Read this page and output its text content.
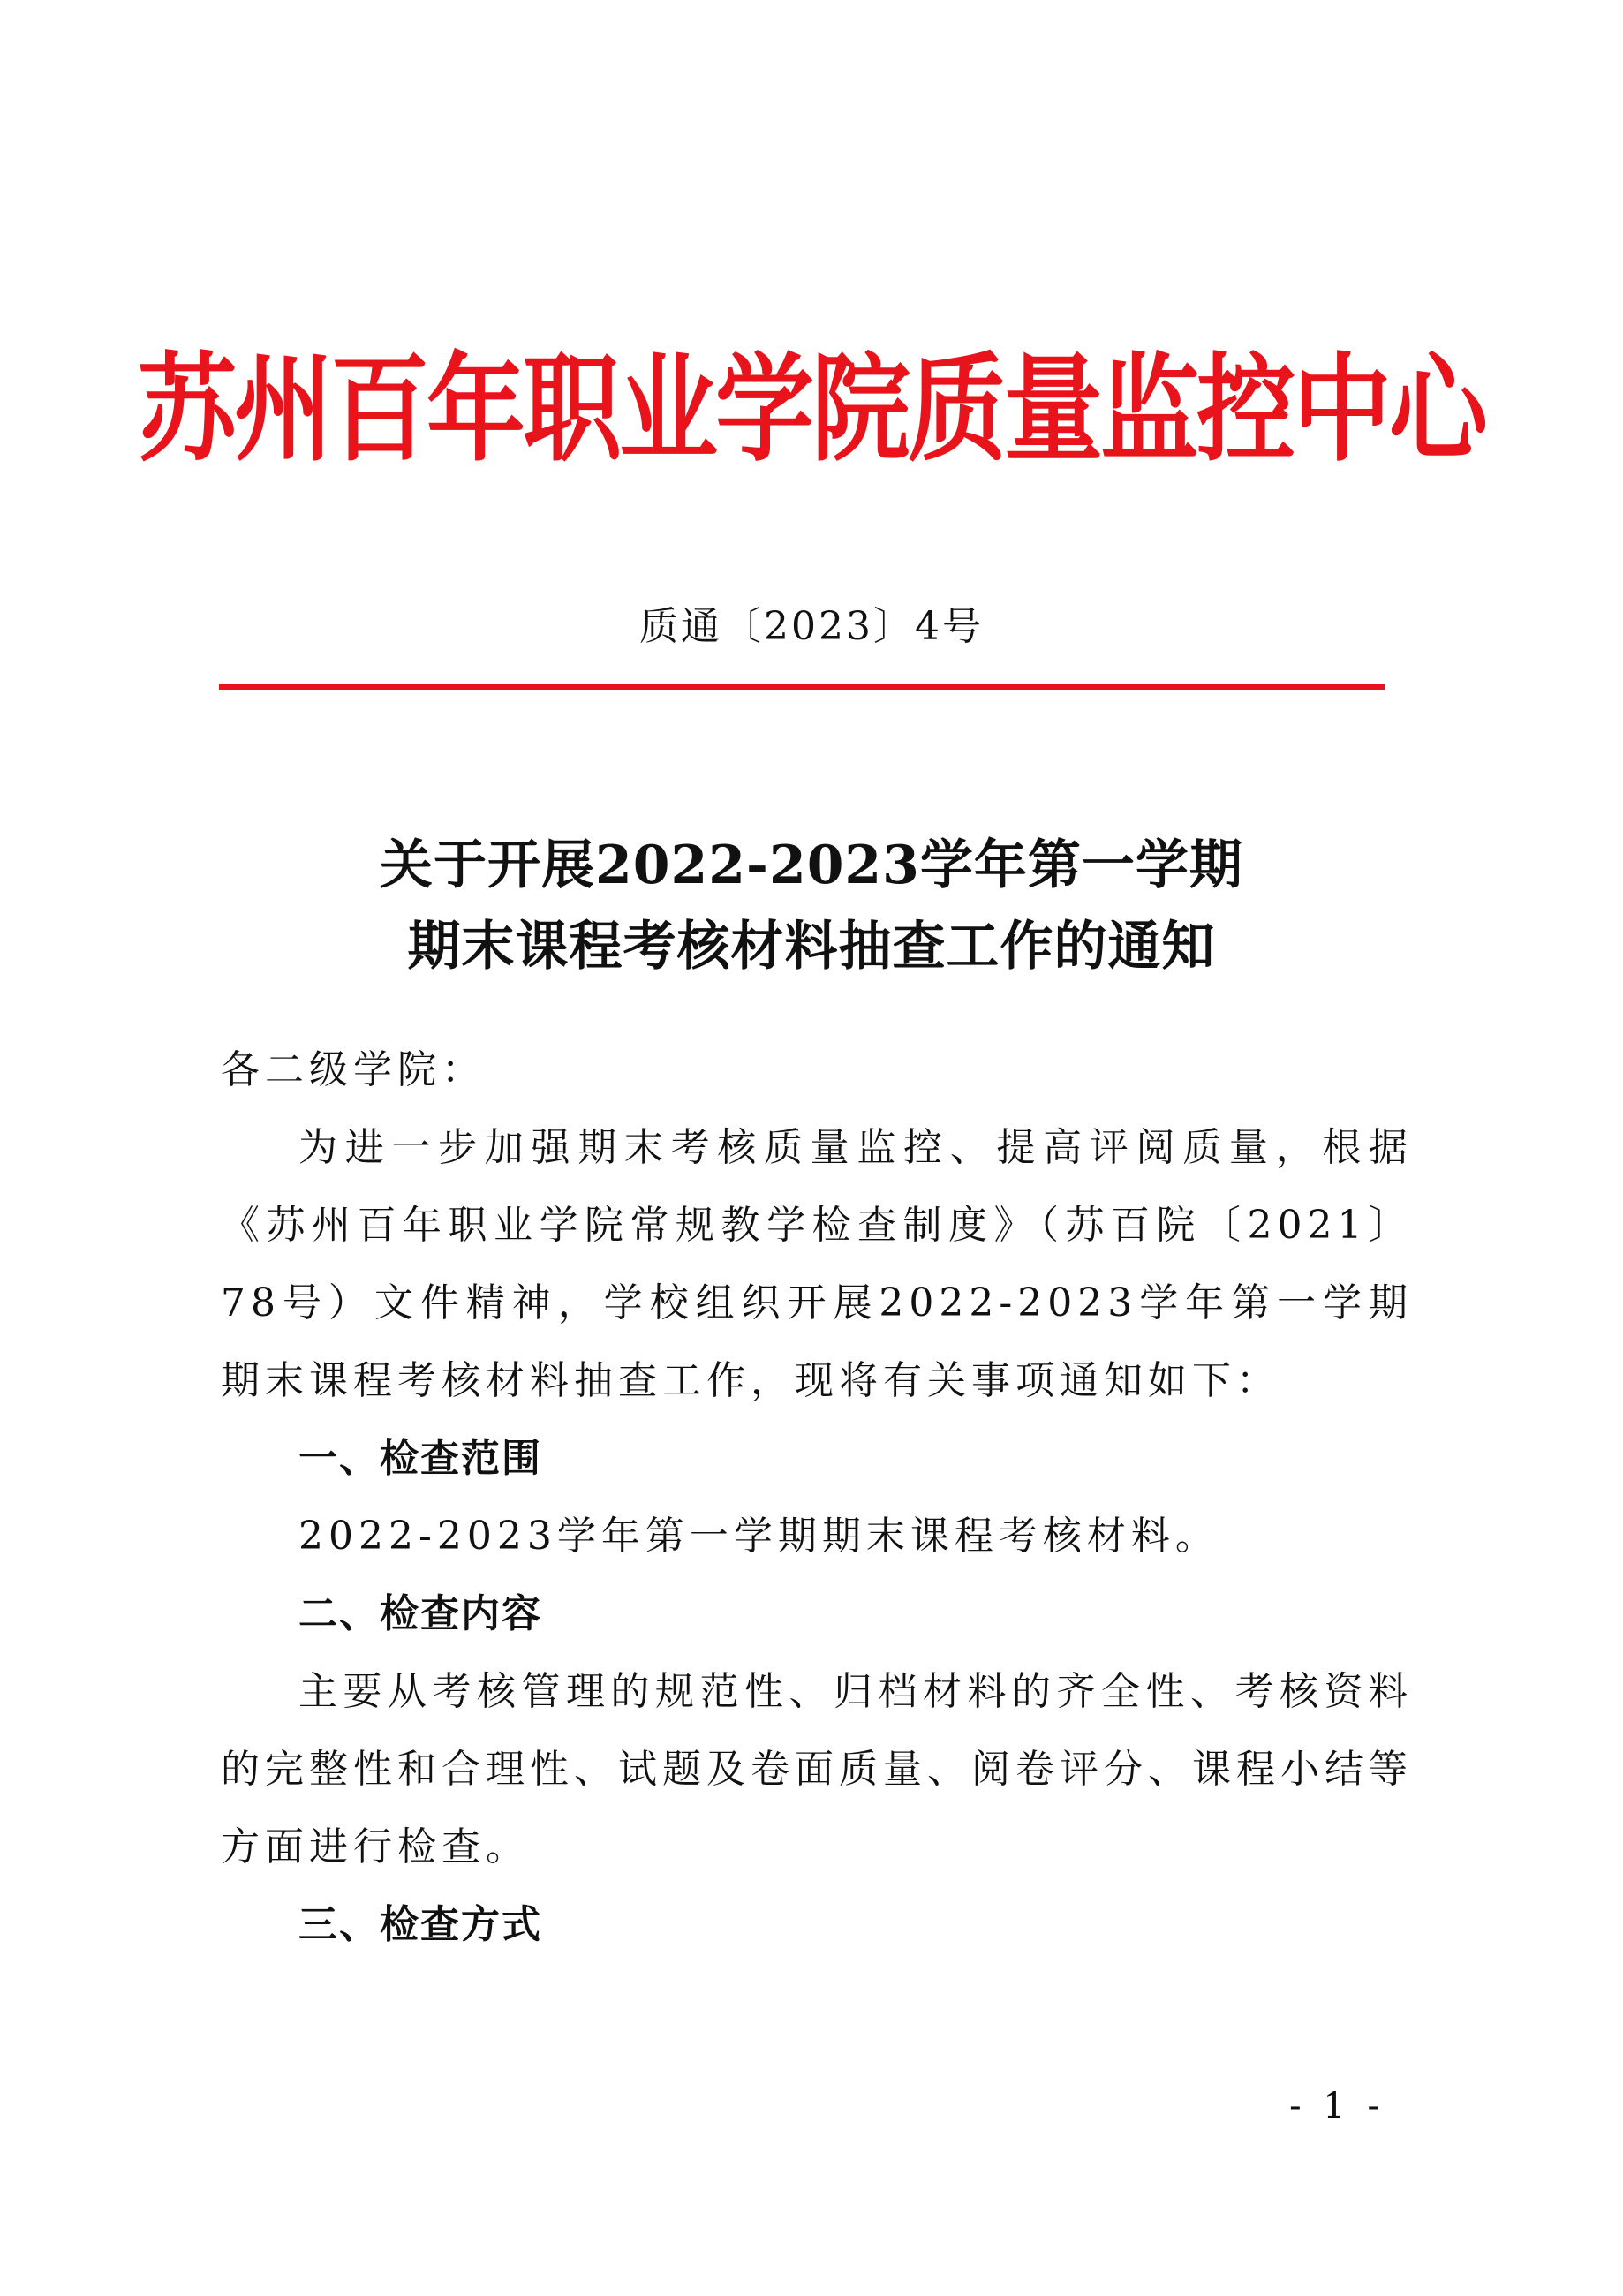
苏州百年职业学院质量监控中心
质通〔2023〕4号
关于开展2022-2023学年第一学期
期末课程考核材料抽查工作的通知

各二级学院：

为进一步加强期末考核质量监控、提高评阅质量，根据《苏州百年职业学院常规教学检查制度》（苏百院〔2021〕78号）文件精神，学校组织开展2022-2023学年第一学期期末课程考核材料抽查工作，现将有关事项通知如下：

一、检查范围

2022-2023学年第一学期期末课程考核材料。

二、检查内容

主要从考核管理的规范性、归档材料的齐全性、考核资料的完整性和合理性、试题及卷面质量、阅卷评分、课程小结等方面进行检查。

三、检查方式

- 1 -
